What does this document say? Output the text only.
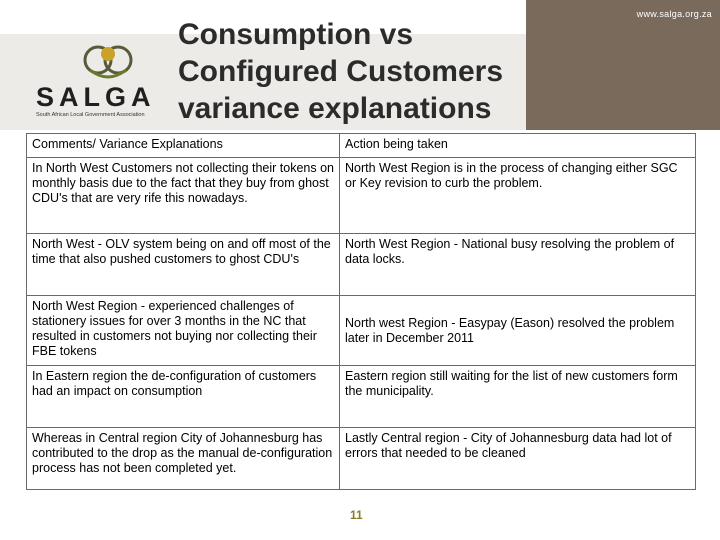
www.salga.org.za
SALGA
South African Local Government Association
Consumption vs
Configured Customers
variance explanations
Comments/ Variance Explanations	Action being taken
In North West Customers not collecting their tokens on monthly basis due to the fact that they buy from ghost CDU's that are very rife this nowadays.	North West Region is in the process of changing either SGC or Key revision to curb the problem.
North West - OLV system being on and off most of the time that also pushed customers to ghost CDU's	North West Region - National busy resolving the problem of data locks.
North West Region - experienced challenges of stationery issues for over 3 months in the NC that resulted in customers not buying nor collecting their FBE tokens	North west Region - Easypay (Eason) resolved the problem later in December 2011
In Eastern region the de-configuration of customers had an impact on consumption	Eastern region still waiting for the list of new customers form the municipality.
Whereas in Central region City of Johannesburg has contributed to the drop as the manual de-configuration process has not been completed yet.	Lastly Central region - City of Johannesburg data had lot of errors that needed to be cleaned
11
